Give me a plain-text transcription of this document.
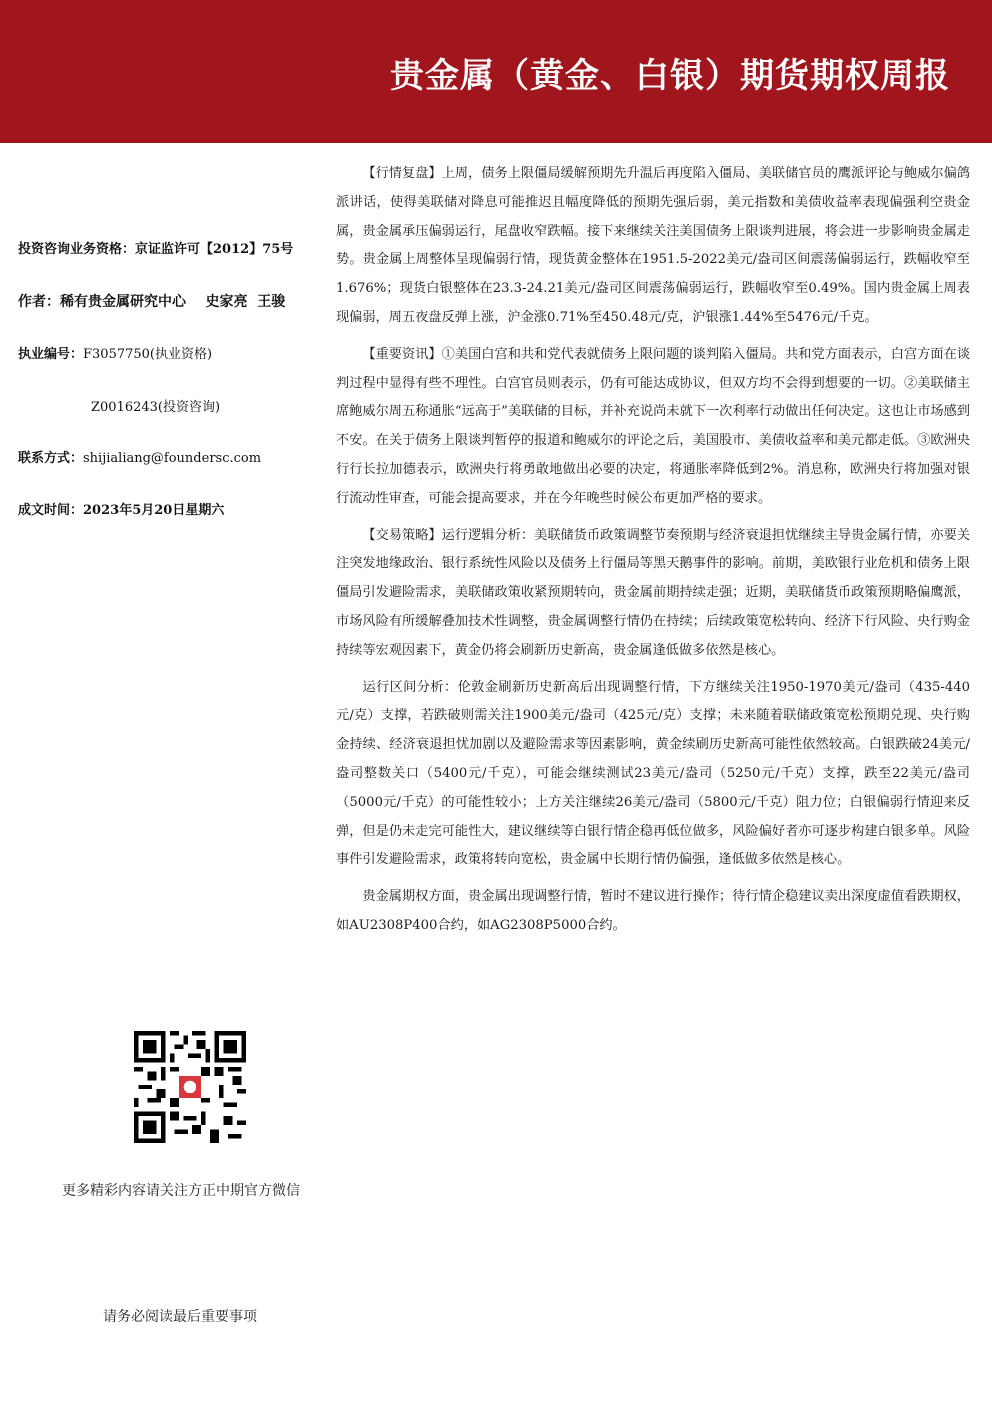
贵金属（黄金、白银）期货期权周报
投资咨询业务资格：京证监许可【2012】75号
作者：稀有贵金属研究中心    史家亮  王骏
执业编号：F3057750(执业资格)
Z0016243(投资咨询)
联系方式：shijialiang@foundersc.com
成文时间：2023年5月20日星期六
更多精彩内容请关注方正中期官方微信
请务必阅读最后重要事项

【行情复盘】上周，债务上限僵局缓解预期先升温后再度陷入僵局、美联储官员的鹰派评论与鲍威尔偏鸽派讲话，使得美联储对降息可能推迟且幅度降低的预期先强后弱，美元指数和美债收益率表现偏强利空贵金属，贵金属承压偏弱运行，尾盘收窄跌幅。接下来继续关注美国债务上限谈判进展，将会进一步影响贵金属走势。贵金属上周整体呈现偏弱行情，现货黄金整体在1951.5-2022美元/盎司区间震荡偏弱运行，跌幅收窄至1.676%；现货白银整体在23.3-24.21美元/盎司区间震荡偏弱运行，跌幅收窄至0.49%。国内贵金属上周表现偏弱，周五夜盘反弹上涨，沪金涨0.71%至450.48元/克，沪银涨1.44%至5476元/千克。

【重要资讯】①美国白宫和共和党代表就债务上限问题的谈判陷入僵局。共和党方面表示，白宫方面在谈判过程中显得有些不理性。白宫官员则表示，仍有可能达成协议，但双方均不会得到想要的一切。②美联储主席鲍威尔周五称通胀“远高于”美联储的目标，并补充说尚未就下一次利率行动做出任何决定。这也让市场感到不安。在关于债务上限谈判暂停的报道和鲍威尔的评论之后，美国股市、美债收益率和美元都走低。③欧洲央行行长拉加德表示，欧洲央行将勇敢地做出必要的决定，将通胀率降低到2%。消息称，欧洲央行将加强对银行流动性审查，可能会提高要求，并在今年晚些时候公布更加严格的要求。

【交易策略】运行逻辑分析：美联储货币政策调整节奏预期与经济衰退担忧继续主导贵金属行情，亦要关注突发地缘政治、银行系统性风险以及债务上行僵局等黑天鹅事件的影响。前期，美欧银行业危机和债务上限僵局引发避险需求，美联储政策收紧预期转向，贵金属前期持续走强；近期，美联储货币政策预期略偏鹰派，市场风险有所缓解叠加技术性调整，贵金属调整行情仍在持续；后续政策宽松转向、经济下行风险、央行购金持续等宏观因素下，黄金仍将会刷新历史新高，贵金属逢低做多依然是核心。

运行区间分析：伦敦金刷新历史新高后出现调整行情，下方继续关注1950-1970美元/盎司（435-440元/克）支撑，若跌破则需关注1900美元/盎司（425元/克）支撑；未来随着联储政策宽松预期兑现、央行购金持续、经济衰退担忧加剧以及避险需求等因素影响，黄金续刷历史新高可能性依然较高。白银跌破24美元/盎司整数关口（5400元/千克），可能会继续测试23美元/盎司（5250元/千克）支撑，跌至22美元/盎司（5000元/千克）的可能性较小；上方关注继续26美元/盎司（5800元/千克）阻力位；白银偏弱行情迎来反弹，但是仍未走完可能性大，建议继续等白银行情企稳再低位做多，风险偏好者亦可逐步构建白银多单。风险事件引发避险需求，政策将转向宽松，贵金属中长期行情仍偏强，逢低做多依然是核心。

贵金属期权方面，贵金属出现调整行情，暂时不建议进行操作；待行情企稳建议卖出深度虚值看跌期权，如AU2308P400合约，如AG2308P5000合约。
